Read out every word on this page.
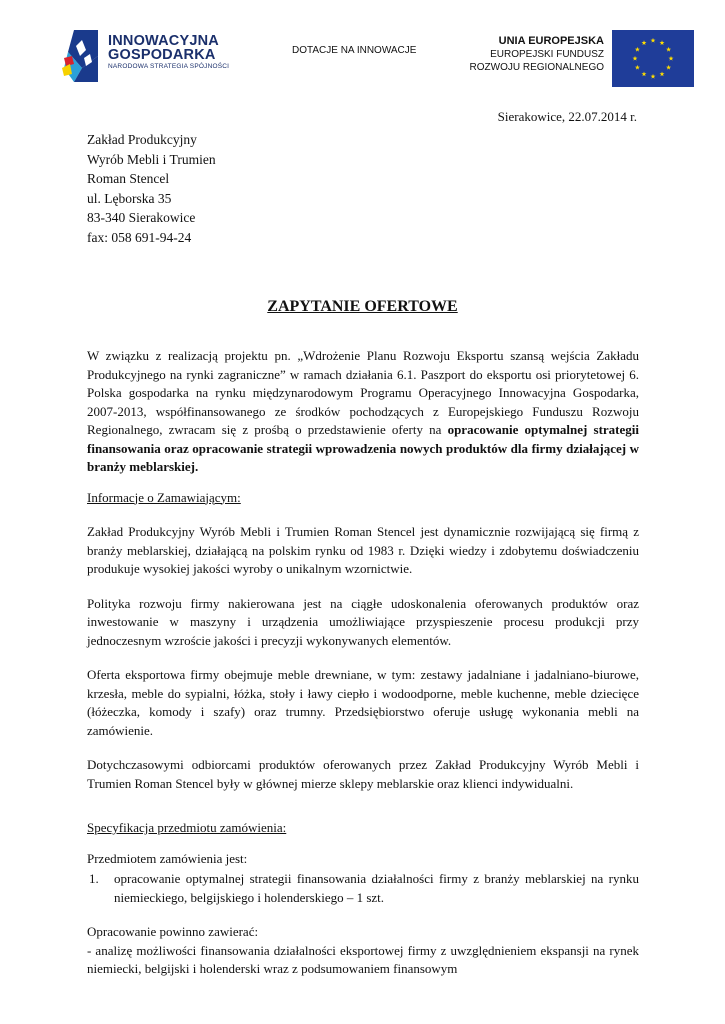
INNOWACYJNA
GOSPODARKA
NARODOWA STRATEGIA SPÓJNOŚCI
DOTACJE NA INNOWACJE
UNIA EUROPEJSKA
EUROPEJSKI FUNDUSZ
ROZWOJU REGIONALNEGO
Sierakowice, 22.07.2014 r.
Zakład Produkcyjny
Wyrób Mebli i Trumien
Roman Stencel
ul. Lęborska 35
83-340 Sierakowice
fax: 058 691-94-24
ZAPYTANIE OFERTOWE

W związku z realizacją projektu pn. „Wdrożenie Planu Rozwoju Eksportu szansą wejścia Zakładu Produkcyjnego na rynki zagraniczne” w ramach działania 6.1. Paszport do eksportu osi priorytetowej 6. Polska gospodarka na rynku międzynarodowym Programu Operacyjnego Innowacyjna Gospodarka, 2007-2013, współfinansowanego ze środków pochodzących z Europejskiego Funduszu Rozwoju Regionalnego, zwracam się z prośbą o przedstawienie oferty na opracowanie optymalnej strategii finansowania oraz opracowanie strategii wprowadzenia nowych produktów dla firmy działającej w branży meblarskiej.

Informacje o Zamawiającym:

Zakład Produkcyjny Wyrób Mebli i Trumien Roman Stencel jest dynamicznie rozwijającą się firmą z branży meblarskiej, działającą na polskim rynku od 1983 r. Dzięki wiedzy i zdobytemu doświadczeniu produkuje wysokiej jakości wyroby o unikalnym wzornictwie.

Polityka rozwoju firmy nakierowana jest na ciągłe udoskonalenia oferowanych produktów oraz inwestowanie w maszyny i urządzenia umożliwiające przyspieszenie procesu produkcji przy jednoczesnym wzroście jakości i precyzji wykonywanych elementów.

Oferta eksportowa firmy obejmuje meble drewniane, w tym: zestawy jadalniane i jadalniano-biurowe, krzesła, meble do sypialni, łóżka, stoły i ławy ciepło i wodoodporne, meble kuchenne, meble dziecięce (łóżeczka, komody i szafy) oraz trumny. Przedsiębiorstwo oferuje usługę wykonania mebli na zamówienie.

Dotychczasowymi odbiorcami produktów oferowanych przez Zakład Produkcyjny Wyrób Mebli i Trumien Roman Stencel były w głównej mierze sklepy meblarskie oraz klienci indywidualni.

Specyfikacja przedmiotu zamówienia:

Przedmiotem zamówienia jest:

1.	opracowanie optymalnej strategii finansowania działalności firmy z branży meblarskiej na rynku niemieckiego, belgijskiego i holenderskiego – 1 szt.

Opracowanie powinno zawierać:

- analizę możliwości finansowania działalności eksportowej firmy z uwzględnieniem ekspansji na rynek niemiecki, belgijski i holenderski wraz z podsumowaniem finansowym
